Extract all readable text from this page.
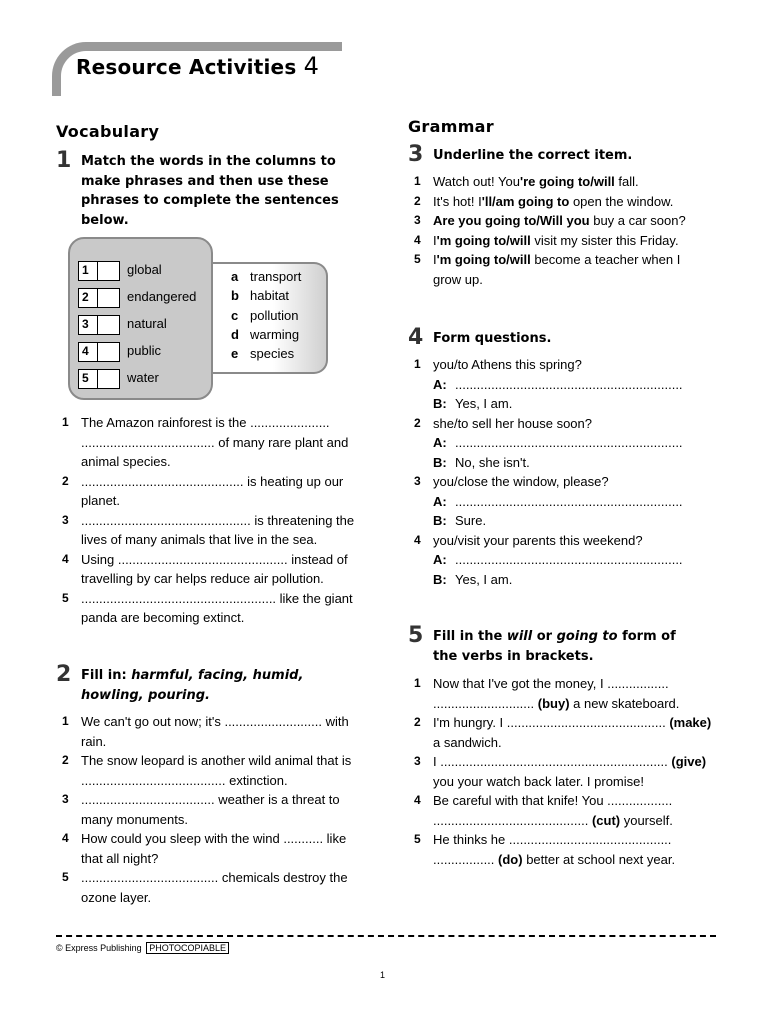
Resource Activities 4
Vocabulary
1 Match the words in the columns to make phrases and then use these phrases to complete the sentences below.
1	global
2	endangered
3	natural
4	public
5	water
a transport
b habitat
c pollution
d warming
e species
1 The Amazon rainforest is the ...................... ..................................... of many rare plant and animal species.
2 ............................................. is heating up our planet.
3 ............................................... is threatening the lives of many animals that live in the sea.
4 Using ............................................... instead of travelling by car helps reduce air pollution.
5 ...................................................... like the giant panda are becoming extinct.
2 Fill in: harmful, facing, humid, howling, pouring.
1 We can't go out now; it's ........................... with rain.
2 The snow leopard is another wild animal that is ........................................ extinction.
3 ..................................... weather is a threat to many monuments.
4 How could you sleep with the wind ........... like that all night?
5 ...................................... chemicals destroy the ozone layer.
Grammar
3 Underline the correct item.
1 Watch out! You're going to/will fall.
2 It's hot! I'll/am going to open the window.
3 Are you going to/Will you buy a car soon?
4 I'm going to/will visit my sister this Friday.
5 I'm going to/will become a teacher when I grow up.
4 Form questions.
1 you/to Athens this spring?
A: ...............................................................
B: Yes, I am.
2 she/to sell her house soon?
A: ...............................................................
B: No, she isn't.
3 you/close the window, please?
A: ...............................................................
B: Sure.
4 you/visit your parents this weekend?
A: ...............................................................
B: Yes, I am.
5 Fill in the will or going to form of the verbs in brackets.
1 Now that I've got the money, I ................. ............................ (buy) a new skateboard.
2 I'm hungry. I ............................................ (make) a sandwich.
3 I ............................................................... (give) you your watch back later. I promise!
4 Be careful with that knife! You .................. ........................................... (cut) yourself.
5 He thinks he ............................................. ................. (do) better at school next year.
© Express Publishing PHOTOCOPIABLE
1
